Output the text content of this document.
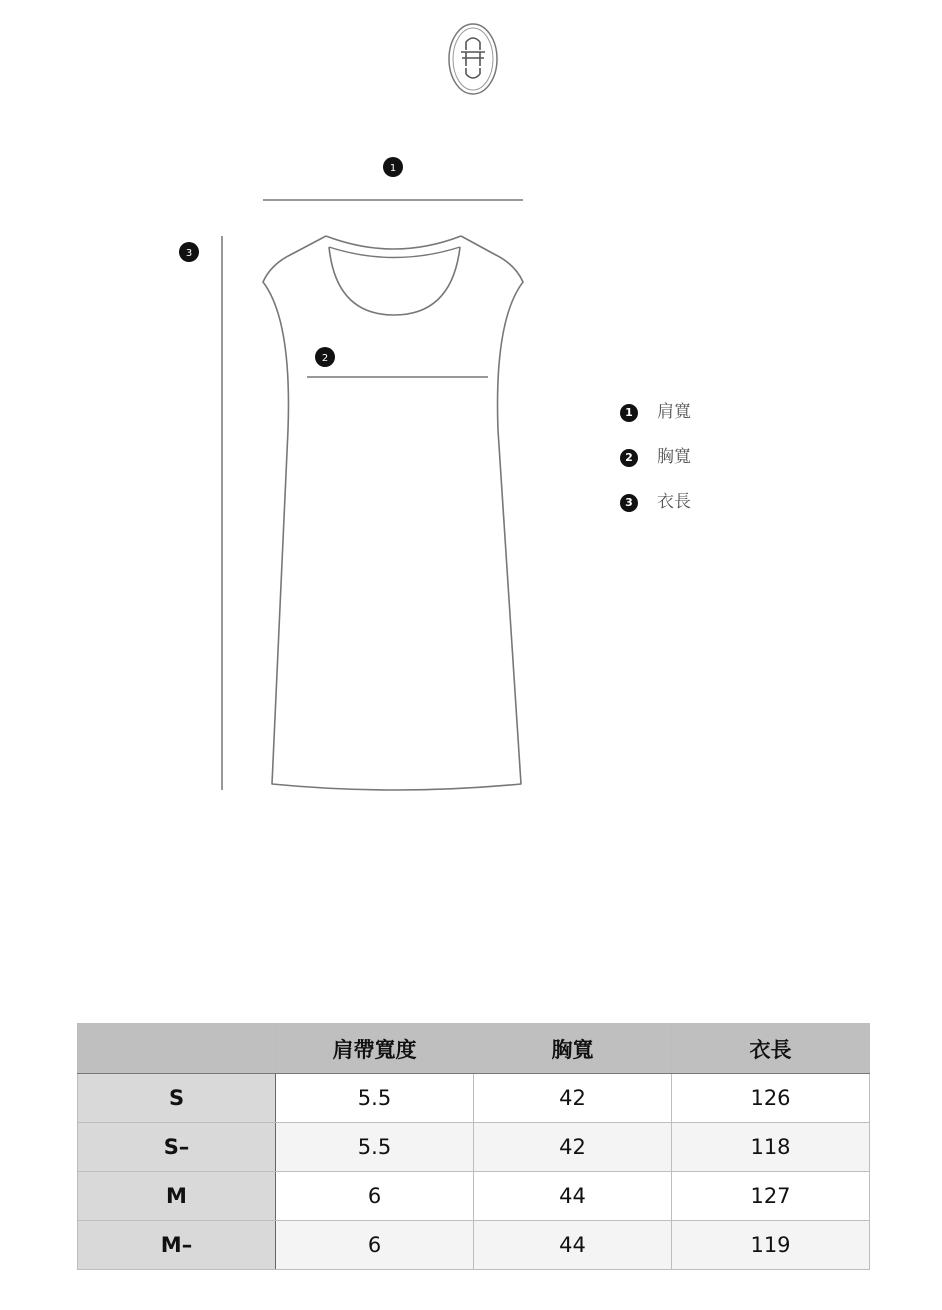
1
3
2
1	肩寬
2	胸寬
3	衣長
	肩帶寬度	胸寬	衣長
S	5.5	42	126
S–	5.5	42	118
M	6	44	127
M–	6	44	119
